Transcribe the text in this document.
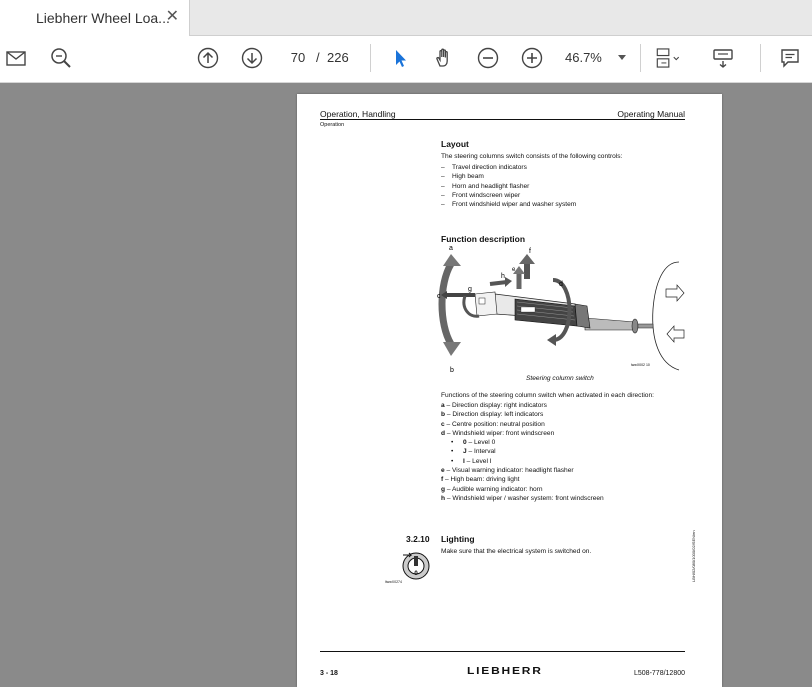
Liebherr Wheel Loa...
✕
70 / 226	46.7%
Operation, Handling	Operating Manual
Operation
Layout
The steering columns switch consists of the following controls:
– Travel direction indicators
– High beam
– Horn and headlight flasher
– Front windscreen wiper
– Front windshield wiper and washer system
Function description
a
b
c
d
e
f
g
h
lwwX002 10
Steering column switch
Functions of the steering column switch when activated in each direction:
a – Direction display: right indicators
b – Direction display: left indicators
c – Centre position: neutral position
d – Windshield wiper: front windscreen
• 0 – Level 0
• J – Interval
• I – Level I
e – Visual warning indicator: headlight flasher
f – High beam: driving light
g – Audible warning indicator: horn
h – Windshield wiper / washer system: front windscreen
3.2.10 Lighting
Make sure that the electrical system is switched on.
0
ltwwX0274	LBH/02/080/1000/02/SEN/en
3 - 18	LIEBHERR	L508-778/12800
